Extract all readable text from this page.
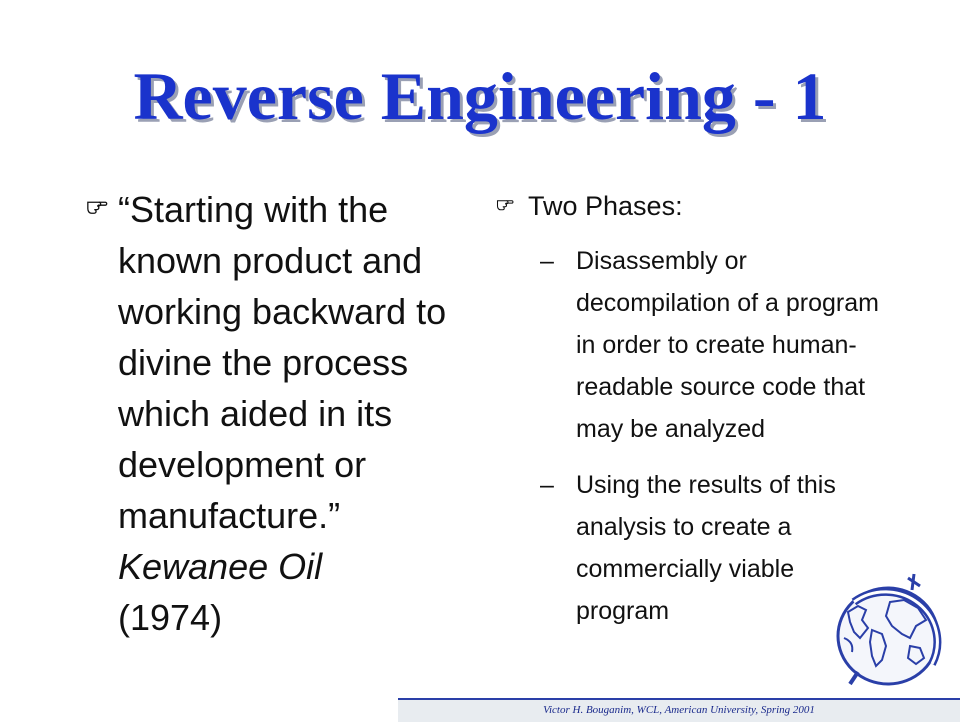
Reverse Engineering - 1
“Starting with the known product and working backward to divine the process which aided in its development or manufacture.”
Kewanee Oil
(1974)
Two Phases:
– Disassembly or decompilation of a program in order to create human-readable source code that may be analyzed
– Using the results of this analysis to create a commercially viable program
Victor H. Bouganim, WCL, American University, Spring 2001
